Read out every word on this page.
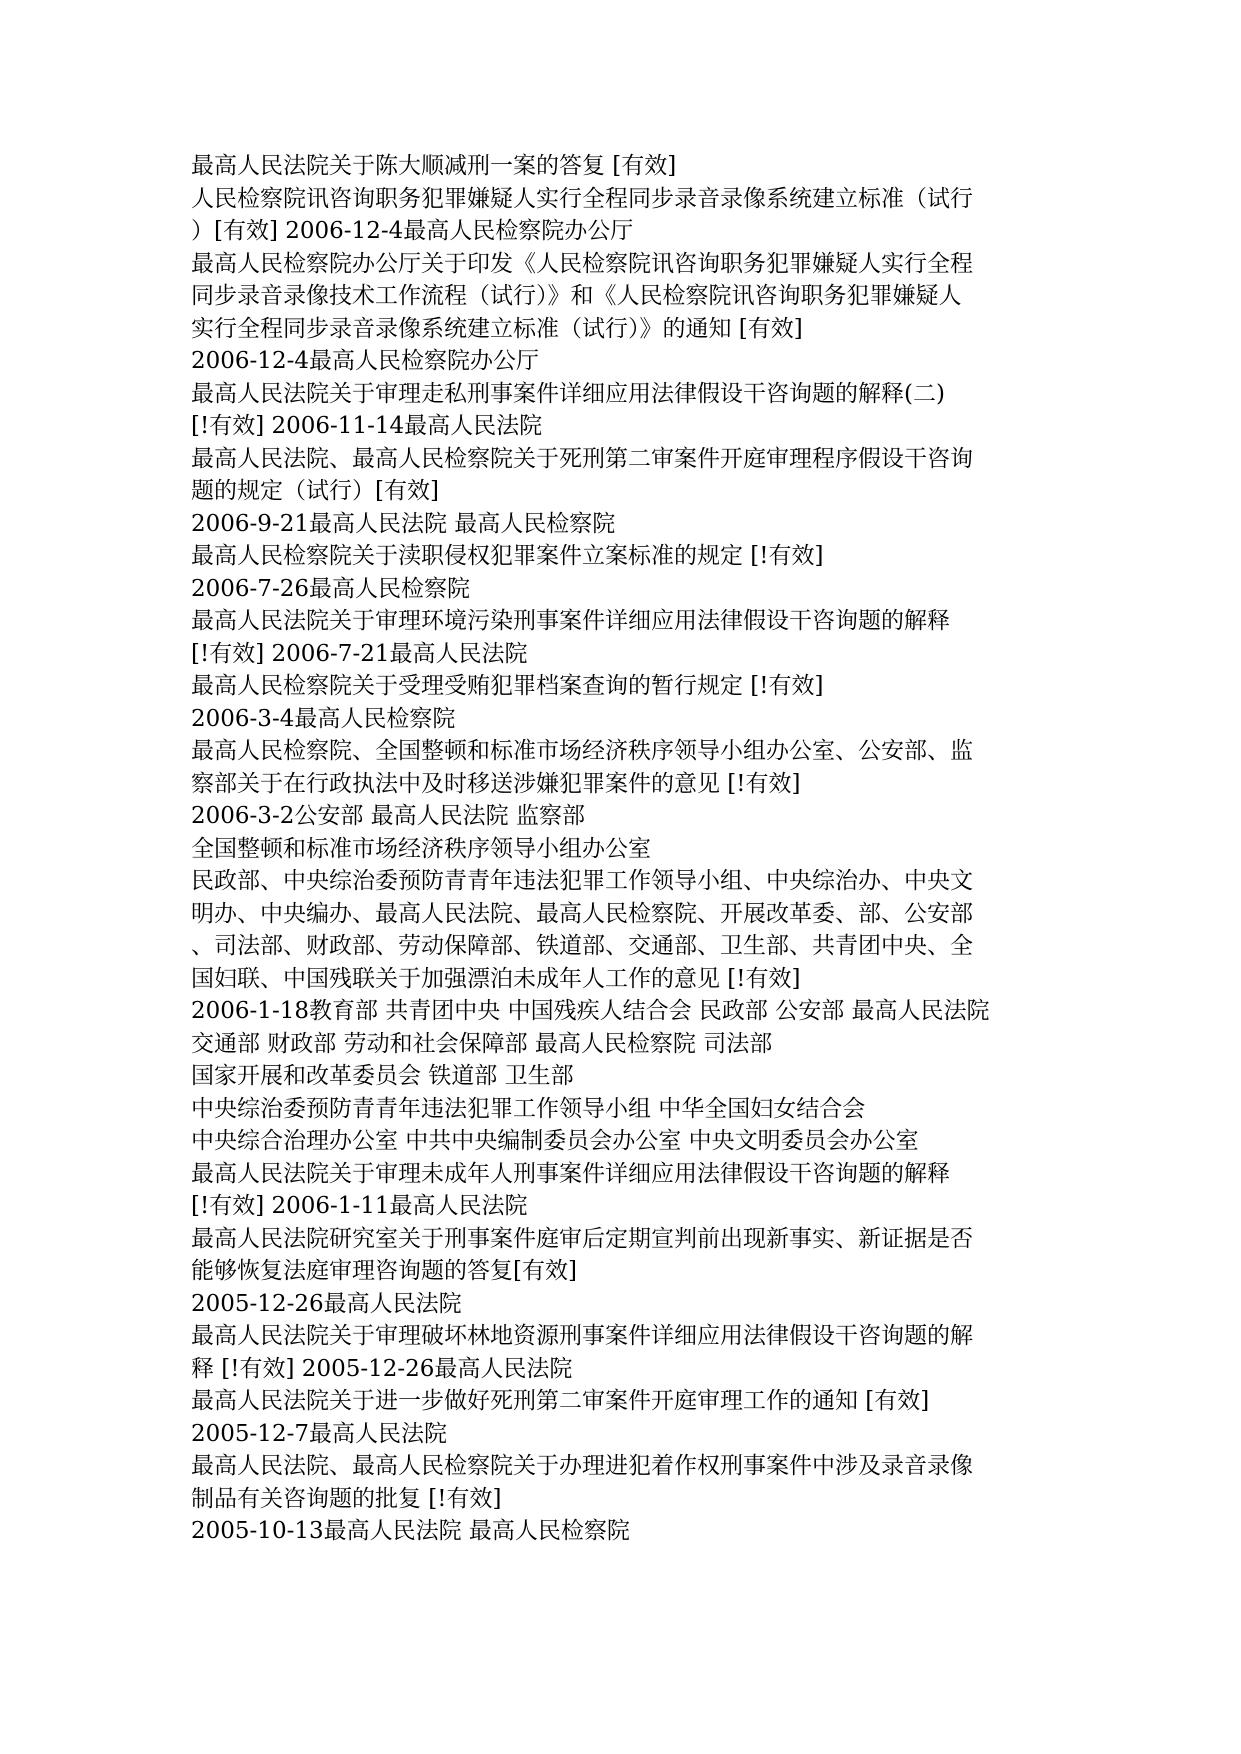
最高人民法院关于陈大顺减刑一案的答复 [有效]
人民检察院讯咨询职务犯罪嫌疑人实行全程同步录音录像系统建立标准（试行
）[有效] 2006-12-4最高人民检察院办公厅
最高人民检察院办公厅关于印发《人民检察院讯咨询职务犯罪嫌疑人实行全程
同步录音录像技术工作流程（试行）》和《人民检察院讯咨询职务犯罪嫌疑人
实行全程同步录音录像系统建立标准（试行）》的通知 [有效]
2006-12-4最高人民检察院办公厅
最高人民法院关于审理走私刑事案件详细应用法律假设干咨询题的解释(二)
[!有效] 2006-11-14最高人民法院
最高人民法院、最高人民检察院关于死刑第二审案件开庭审理程序假设干咨询
题的规定（试行）[有效]
2006-9-21最高人民法院 最高人民检察院
最高人民检察院关于渎职侵权犯罪案件立案标准的规定 [!有效]
2006-7-26最高人民检察院
最高人民法院关于审理环境污染刑事案件详细应用法律假设干咨询题的解释
[!有效] 2006-7-21最高人民法院
最高人民检察院关于受理受贿犯罪档案查询的暂行规定 [!有效]
2006-3-4最高人民检察院
最高人民检察院、全国整顿和标准市场经济秩序领导小组办公室、公安部、监
察部关于在行政执法中及时移送涉嫌犯罪案件的意见 [!有效]
2006-3-2公安部 最高人民法院 监察部
全国整顿和标准市场经济秩序领导小组办公室
民政部、中央综治委预防青青年违法犯罪工作领导小组、中央综治办、中央文
明办、中央编办、最高人民法院、最高人民检察院、开展改革委、部、公安部
、司法部、财政部、劳动保障部、铁道部、交通部、卫生部、共青团中央、全
国妇联、中国残联关于加强漂泊未成年人工作的意见 [!有效]
2006-1-18教育部 共青团中央 中国残疾人结合会 民政部 公安部 最高人民法院
交通部 财政部 劳动和社会保障部 最高人民检察院 司法部
国家开展和改革委员会 铁道部 卫生部
中央综治委预防青青年违法犯罪工作领导小组 中华全国妇女结合会
中央综合治理办公室 中共中央编制委员会办公室 中央文明委员会办公室
最高人民法院关于审理未成年人刑事案件详细应用法律假设干咨询题的解释
[!有效] 2006-1-11最高人民法院
最高人民法院研究室关于刑事案件庭审后定期宣判前出现新事实、新证据是否
能够恢复法庭审理咨询题的答复[有效]
2005-12-26最高人民法院
最高人民法院关于审理破坏林地资源刑事案件详细应用法律假设干咨询题的解
释 [!有效] 2005-12-26最高人民法院
最高人民法院关于进一步做好死刑第二审案件开庭审理工作的通知 [有效]
2005-12-7最高人民法院
最高人民法院、最高人民检察院关于办理进犯着作权刑事案件中涉及录音录像
制品有关咨询题的批复 [!有效]
2005-10-13最高人民法院 最高人民检察院
